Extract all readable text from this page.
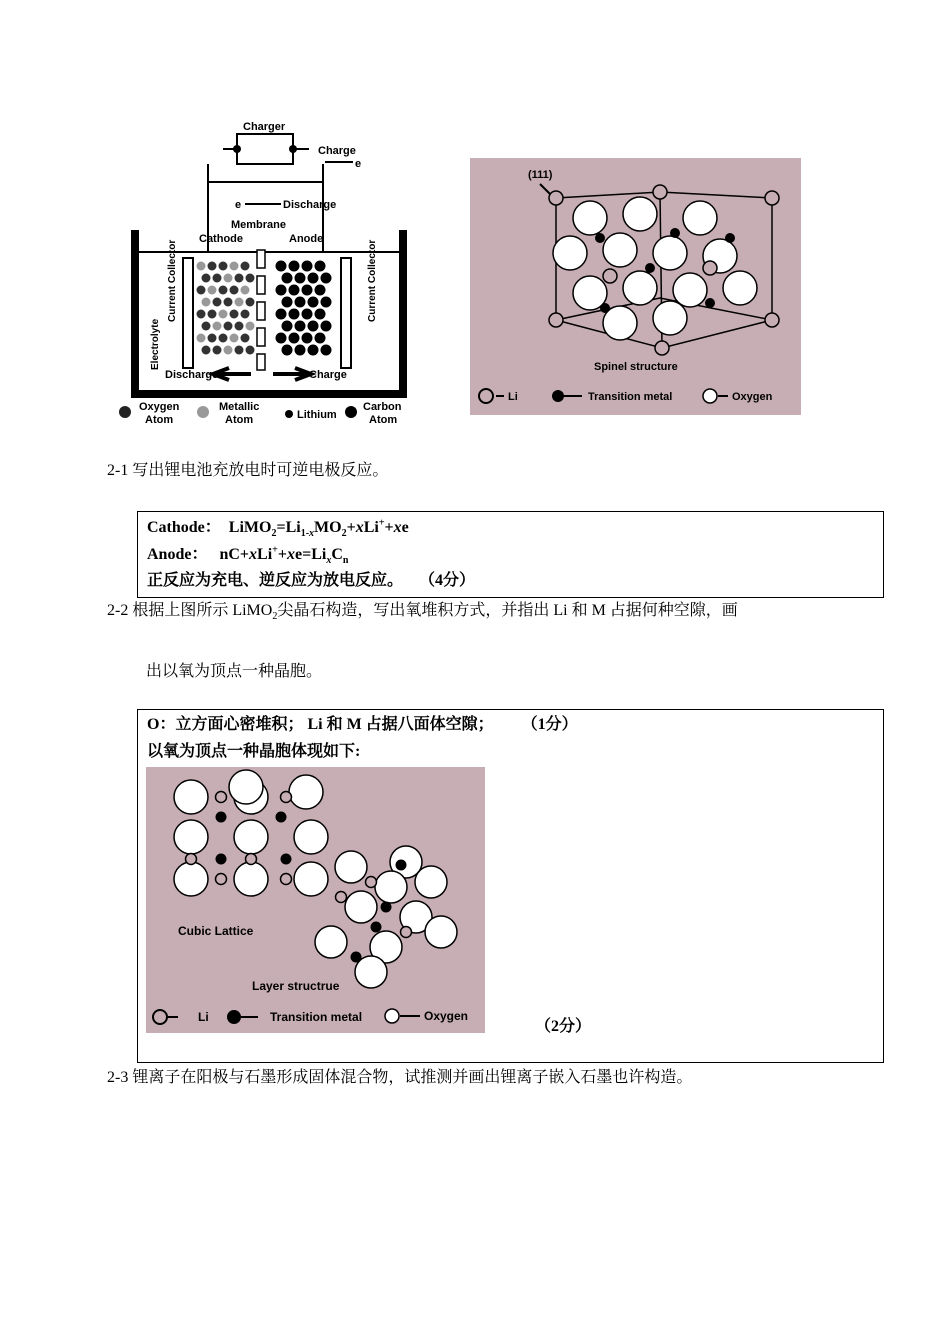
Charger
Charge
e
e	Discharge
Membrane
Cathode	Anode
Current Collector	Current Collector
Electrolyte
Discharge	Charge
Oxygen Atom
Metallic Atom	Lithium
Carbon Atom
(111)
Spinel structure
Li	Transition metal	Oxygen
2-1 写出锂电池充放电时可逆电极反应。
Cathode：  $LiMO_2=Li_{1-x}MO_2+xLi^++xe$
Anode：   $nC+xLi^++xe=Li_xC_n$
正反应为充电、逆反应为放电反应。 （4分）
2-2 根据上图所示 LiMO$_2$尖晶石构造，写出氧堆积方式，并指出 Li 和 M 占据何种空隙，画
出以氧为顶点一种晶胞。
O：立方面心密堆积； Li 和 M 占据八面体空隙； （1分）
以氧为顶点一种晶胞体现如下:
Cubic Lattice
Layer structrue
Li	Transition metal	Oxygen
（2分）
2-3 锂离子在阳极与石墨形成固体混合物，试推测并画出锂离子嵌入石墨也许构造。
